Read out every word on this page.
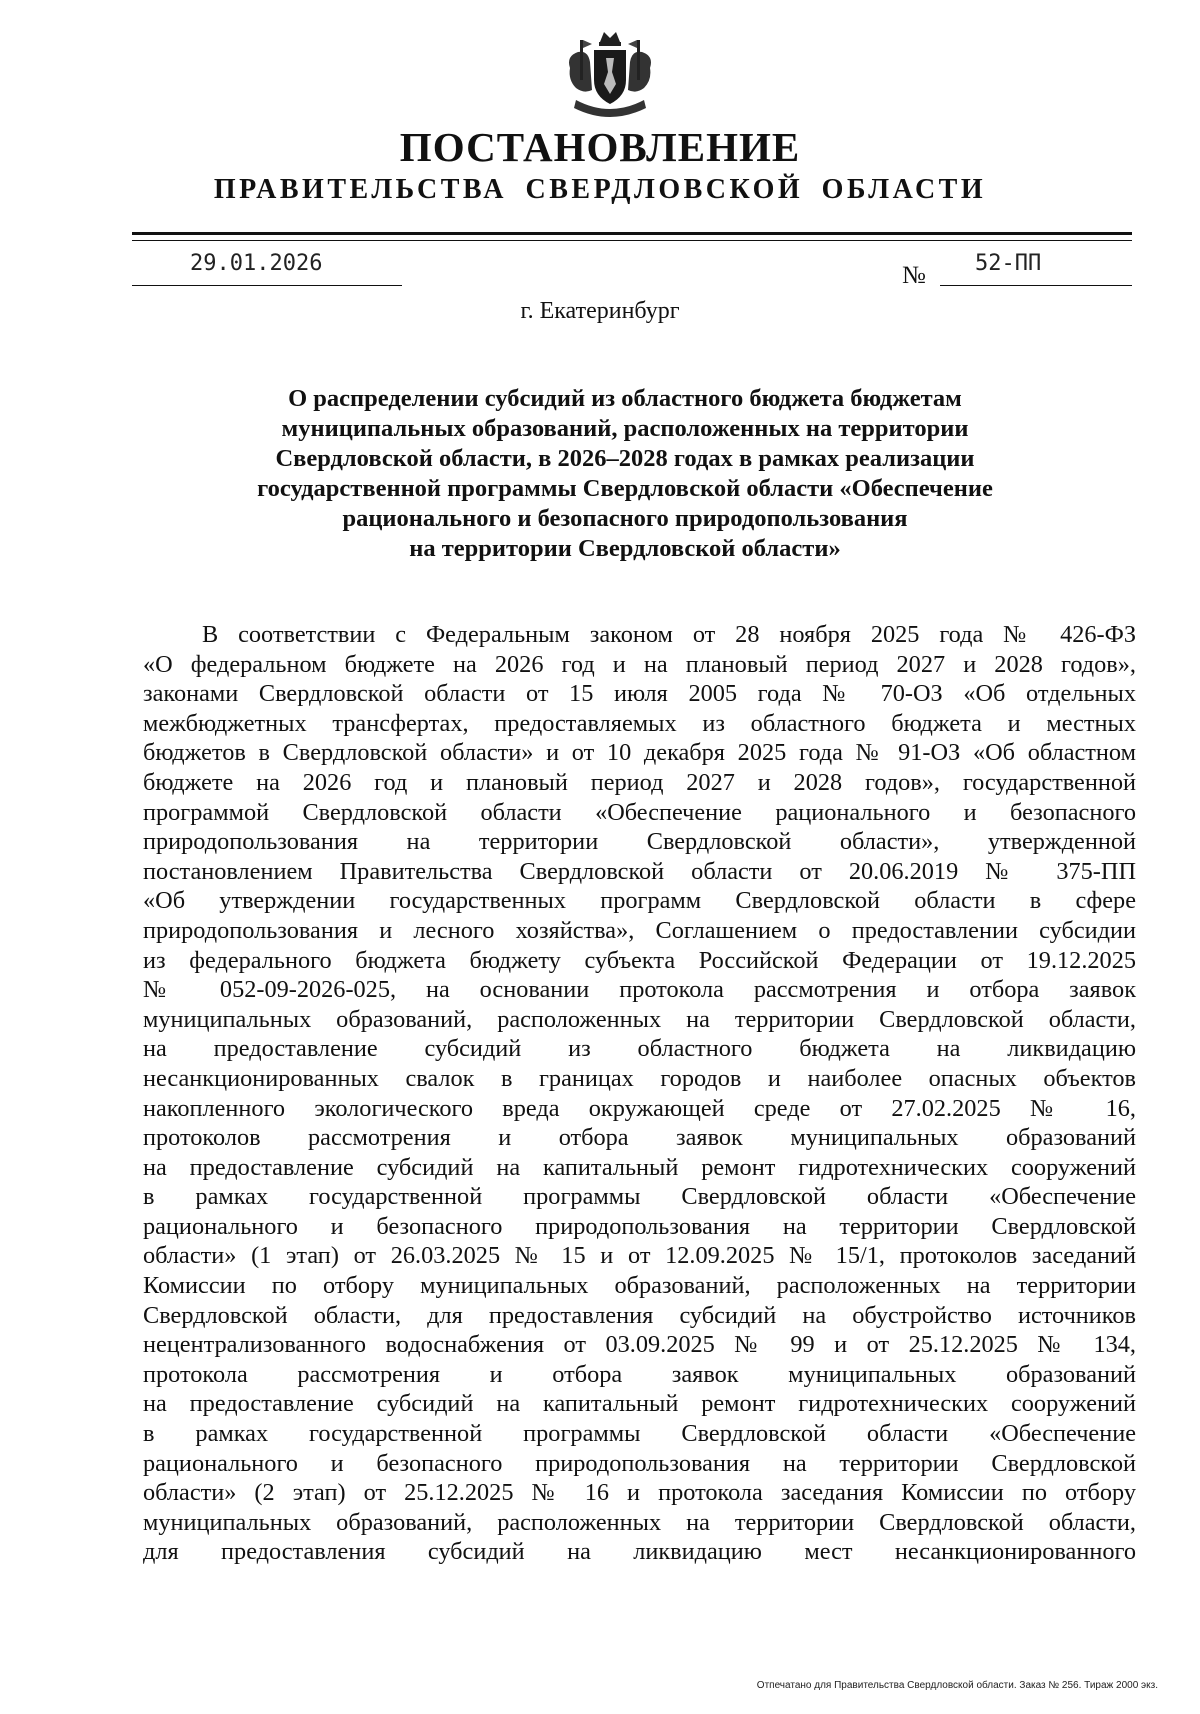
ПОСТАНОВЛЕНИЕ
ПРАВИТЕЛЬСТВА СВЕРДЛОВСКОЙ ОБЛАСТИ
29.01.2026	№ 52-ПП
г. Екатеринбург
О распределении субсидий из областного бюджета бюджетам
муниципальных образований, расположенных на территории
Свердловской области, в 2026–2028 годах в рамках реализации
государственной программы Свердловской области «Обеспечение
рационального и безопасного природопользования
на территории Свердловской области»
В соответствии с Федеральным законом от 28 ноября 2025 года № 426-ФЗ
«О федеральном бюджете на 2026 год и на плановый период 2027 и 2028 годов»,
законами Свердловской области от 15 июля 2005 года № 70-ОЗ «Об отдельных
межбюджетных трансфертах, предоставляемых из областного бюджета и местных
бюджетов в Свердловской области» и от 10 декабря 2025 года № 91-ОЗ «Об областном
бюджете на 2026 год и плановый период 2027 и 2028 годов», государственной
программой Свердловской области «Обеспечение рационального и безопасного
природопользования на территории Свердловской области», утвержденной
постановлением Правительства Свердловской области от 20.06.2019 № 375-ПП
«Об утверждении государственных программ Свердловской области в сфере
природопользования и лесного хозяйства», Соглашением о предоставлении субсидии
из федерального бюджета бюджету субъекта Российской Федерации от 19.12.2025
№ 052-09-2026-025, на основании протокола рассмотрения и отбора заявок
муниципальных образований, расположенных на территории Свердловской области,
на предоставление субсидий из областного бюджета на ликвидацию
несанкционированных свалок в границах городов и наиболее опасных объектов
накопленного экологического вреда окружающей среде от 27.02.2025 № 16,
протоколов рассмотрения и отбора заявок муниципальных образований
на предоставление субсидий на капитальный ремонт гидротехнических сооружений
в рамках государственной программы Свердловской области «Обеспечение
рационального и безопасного природопользования на территории Свердловской
области» (1 этап) от 26.03.2025 № 15 и от 12.09.2025 № 15/1, протоколов заседаний
Комиссии по отбору муниципальных образований, расположенных на территории
Свердловской области, для предоставления субсидий на обустройство источников
нецентрализованного водоснабжения от 03.09.2025 № 99 и от 25.12.2025 № 134,
протокола рассмотрения и отбора заявок муниципальных образований
на предоставление субсидий на капитальный ремонт гидротехнических сооружений
в рамках государственной программы Свердловской области «Обеспечение
рационального и безопасного природопользования на территории Свердловской
области» (2 этап) от 25.12.2025 № 16 и протокола заседания Комиссии по отбору
муниципальных образований, расположенных на территории Свердловской области,
для предоставления субсидий на ликвидацию мест несанкционированного
Отпечатано для Правительства Свердловской области. Заказ № 256. Тираж 2000 экз.
